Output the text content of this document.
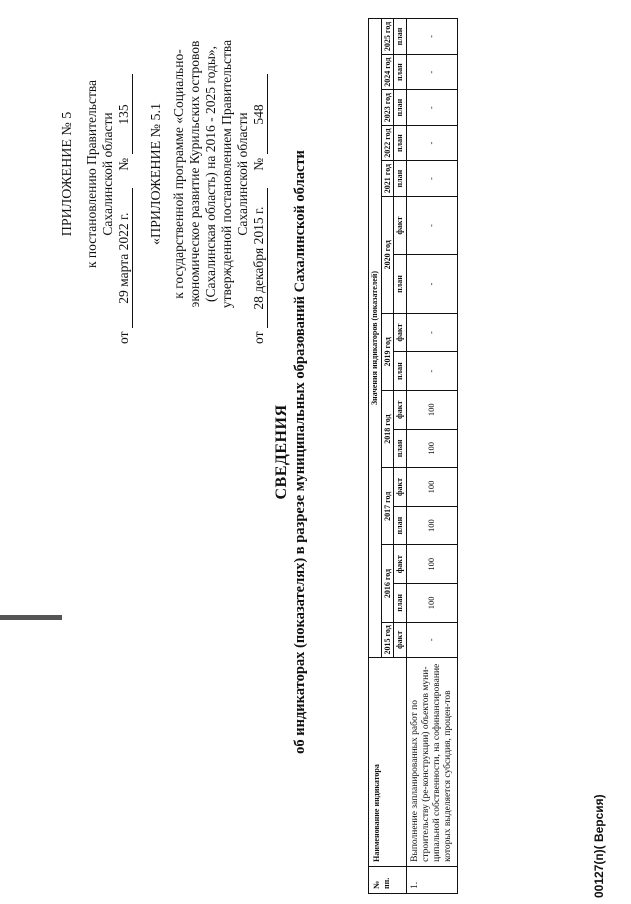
ПРИЛОЖЕНИЕ № 5 к постановлению Правительства Сахалинской области
от 29 марта 2022 г. № 135 «ПРИЛОЖЕНИЕ № 5.1 к государственной программе «Социально- экономическое развитие Курильских островов (Сахалинская область) на 2016 - 2025 годы», утвержденной постановлением Правительства Сахалинской области
от 28 декабря 2015 г. № 548
СВЕДЕНИЯ об индикаторах (показателях) в разрезе муниципальных образований Сахалинской области
№ пп.	Наименование индикатора	Значения индикаторов (показателей)															
		2015 год	2016 год		2017 год		2018 год		2019 год		2020 год		2021 год	2022 год	2023 год	2024 год	2025 год
		факт	план	факт	план	факт	план	факт	план	факт	план	факт	план	план	план	план	план
1.	Выполнение запланированных работ по строительству (ре-конструкции) объектов муни-ципальной собственности, на софинансирование которых выделяется субсидия, процен-тов	-	100	100	100	100	100	100	-	-	-	-	-	-	-	-	-
00127(п)( Версия)
